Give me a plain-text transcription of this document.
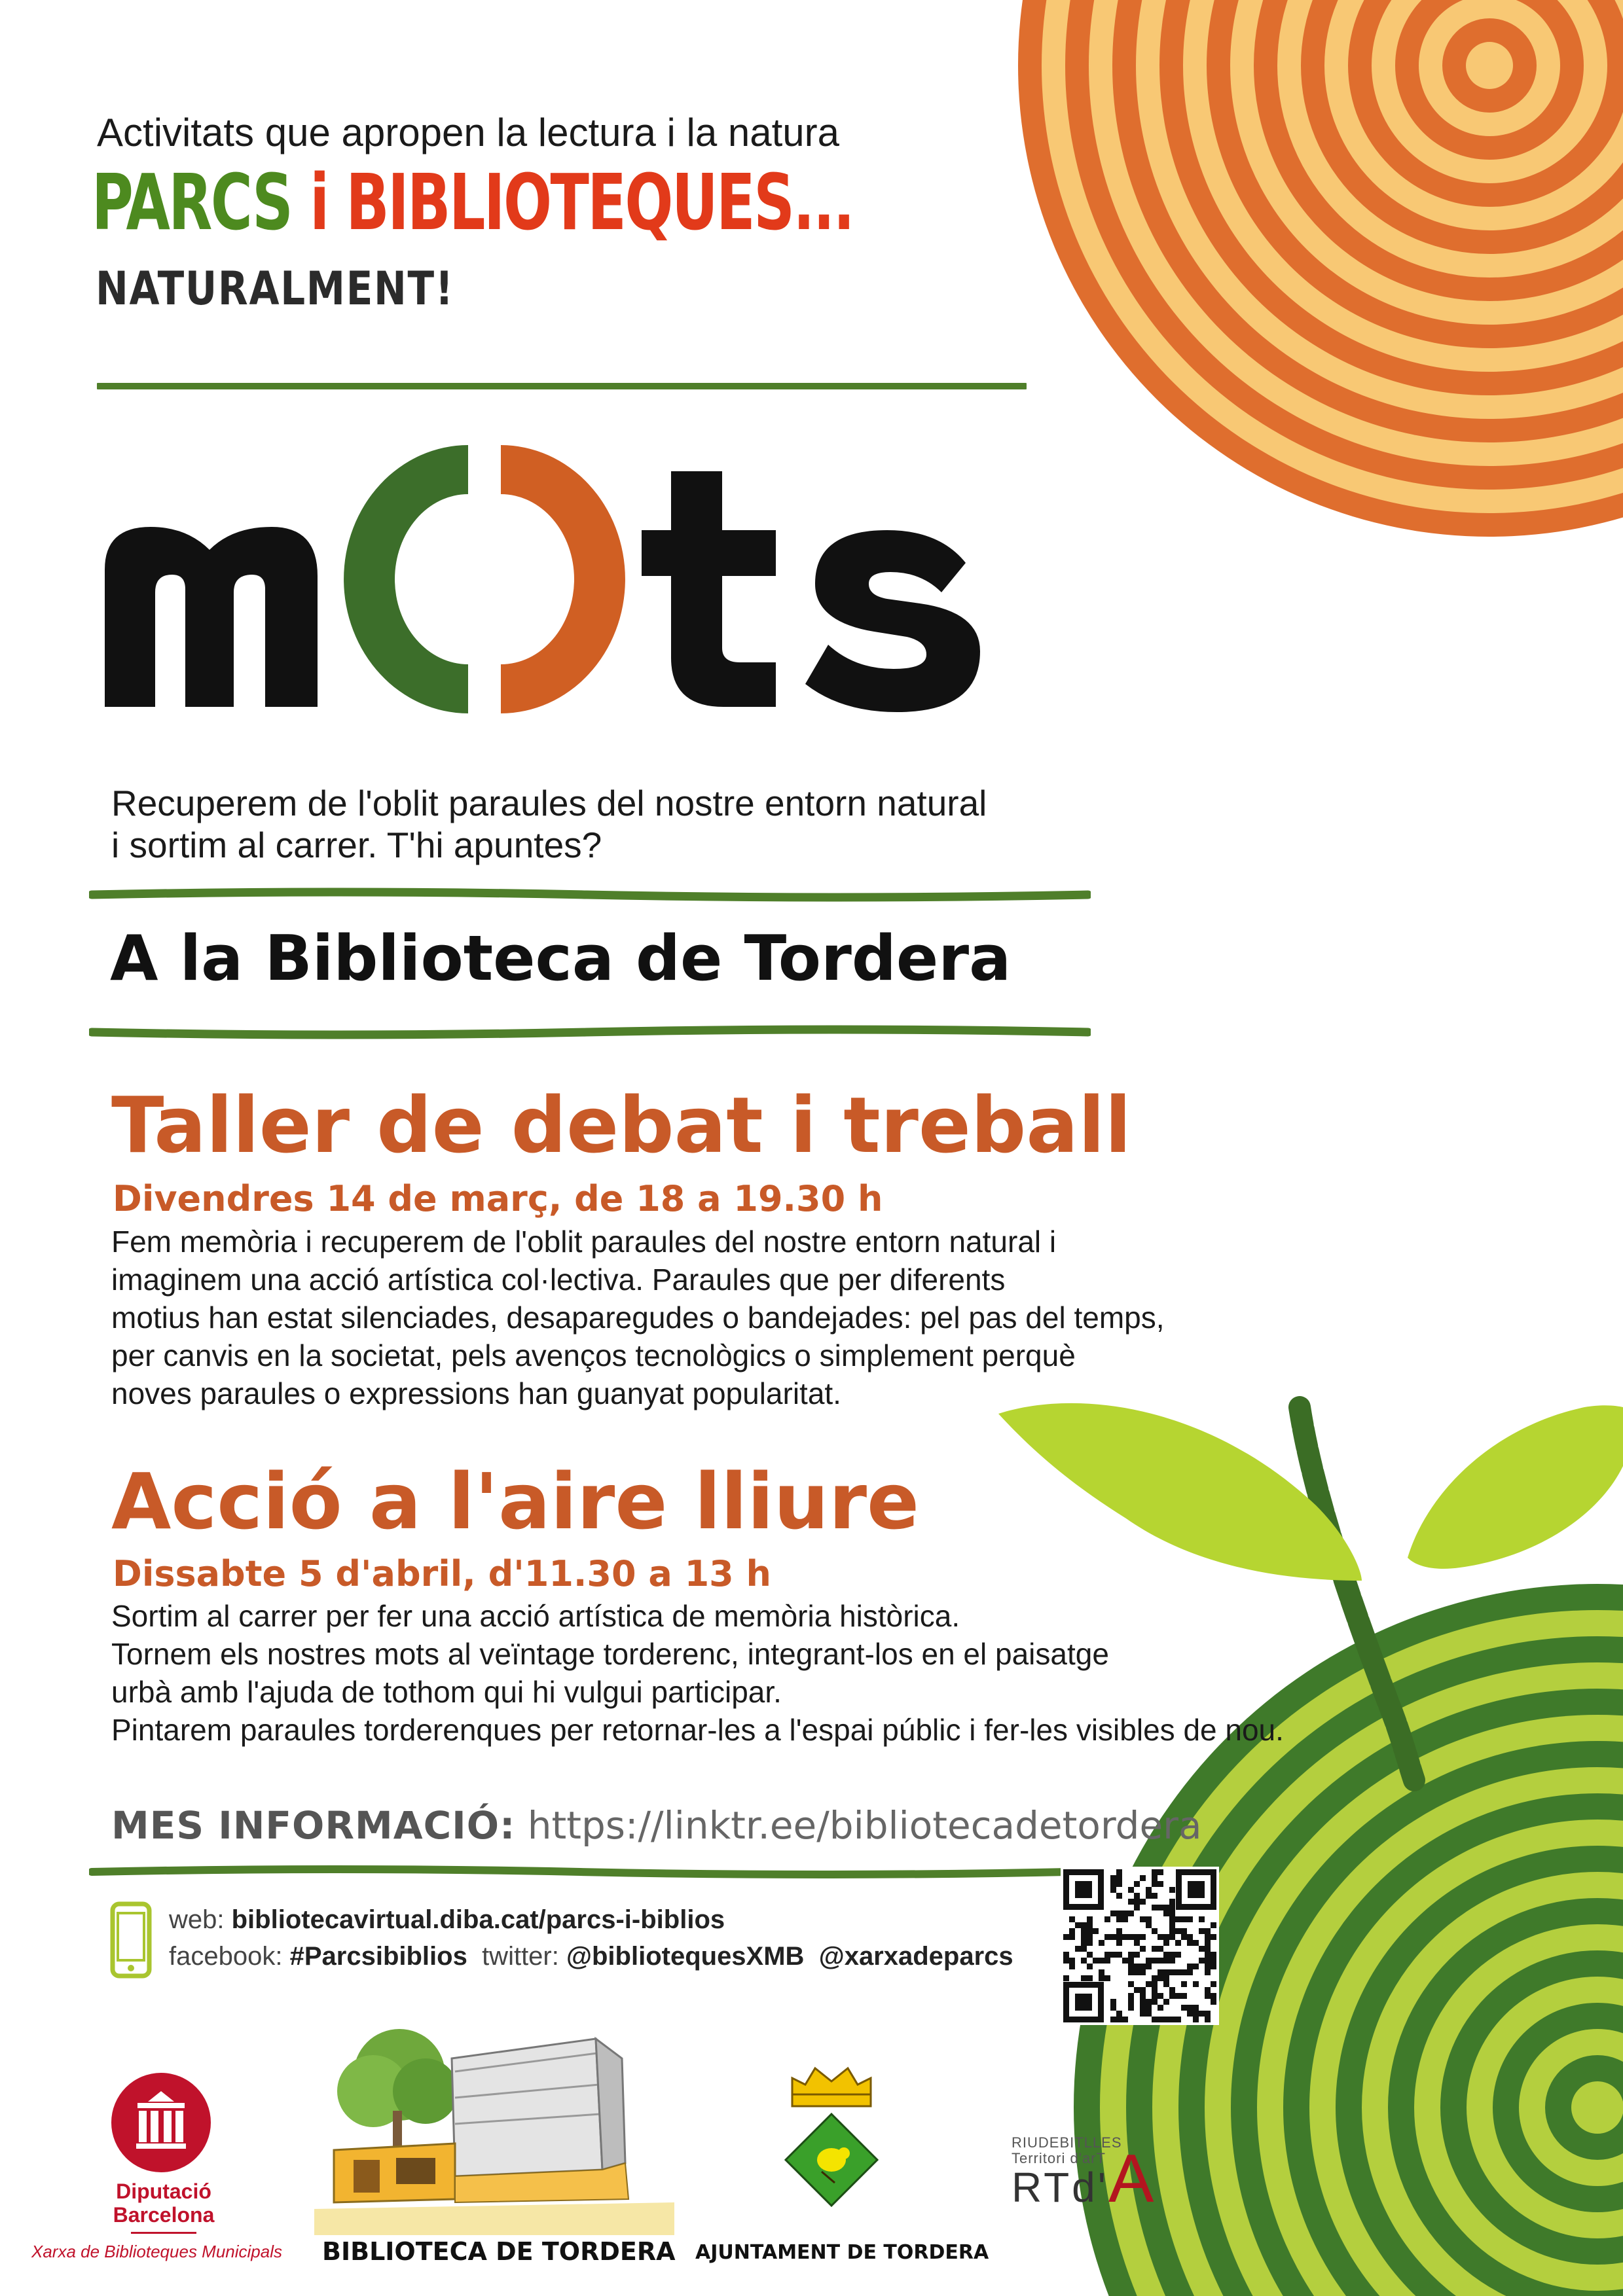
Activitats que apropen la lectura i la natura
PARCS i BIBLIOTEQUES...
NATURALMENT!
Recuperem de l'oblit paraules del nostre entorn natural
i sortim al carrer. T'hi apuntes?
A la Biblioteca de Tordera
Taller de debat i treball
Divendres 14 de març, de 18 a 19.30 h
Fem memòria i recuperem de l'oblit paraules del nostre entorn natural i
imaginem una acció artística col·lectiva. Paraules que per diferents
motius han estat silenciades, desaparegudes o bandejades: pel pas del temps,
per canvis en la societat, pels avenços tecnològics o simplement perquè
noves paraules o expressions han guanyat popularitat.
Acció a l'aire lliure
Dissabte 5 d'abril, d'11.30 a 13 h
Sortim al carrer per fer una acció artística de memòria històrica.
Tornem els nostres mots al veïntage torderenc, integrant-los en el paisatge
urbà amb l'ajuda de tothom qui hi vulgui participar.
Pintarem paraules torderenques per retornar-les a l'espai públic i fer-les visibles de nou.
MES INFORMACIÓ: https://linktr.ee/bibliotecadetordera
web: bibliotecavirtual.diba.cat/parcs-i-biblios
facebook: #Parcsibiblios twitter: @bibliotequesXMB @xarxadeparcs
Diputació
Barcelona
Xarxa de Biblioteques Municipals BIBLIOTECA DE TORDERA AJUNTAMENT DE TORDERA
RIUDEBITLLES
Territori d'arT
RTd'A
